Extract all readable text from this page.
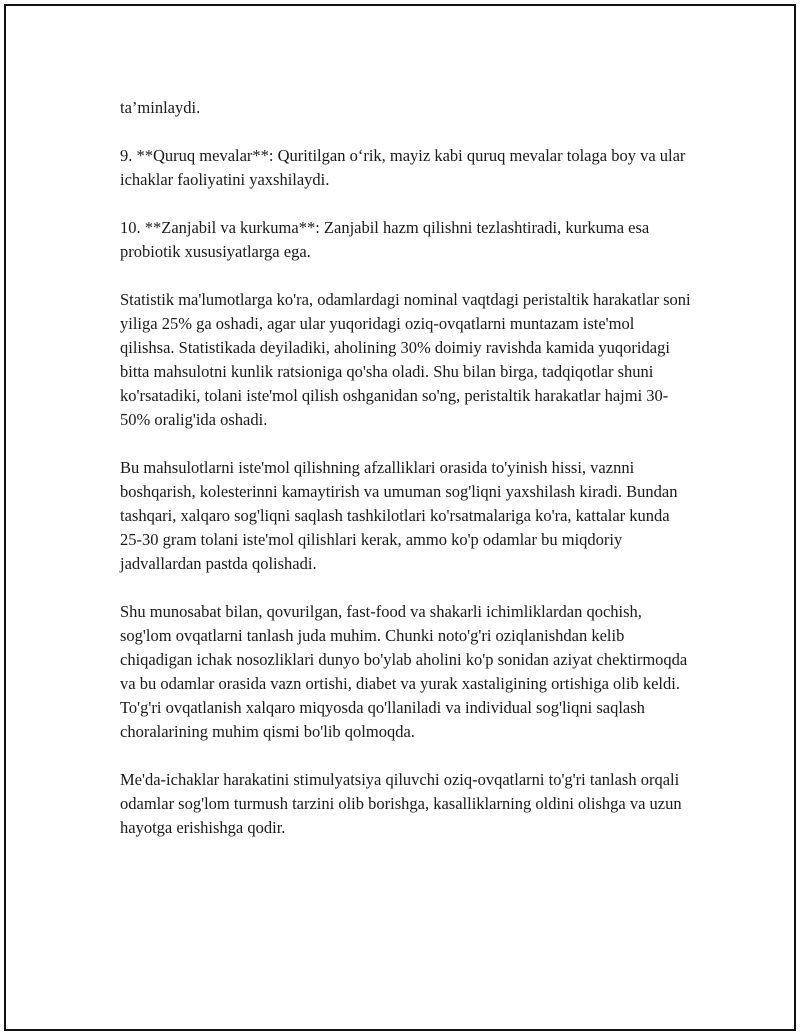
ta’minlaydi.

9. **Quruq mevalar**: Quritilgan o‘rik, mayiz kabi quruq mevalar tolaga boy va ular ichaklar faoliyatini yaxshilaydi.

10. **Zanjabil va kurkuma**: Zanjabil hazm qilishni tezlashtiradi, kurkuma esa probiotik xususiyatlarga ega.

Statistik ma'lumotlarga ko'ra, odamlardagi nominal vaqtdagi peristaltik harakatlar soni yiliga 25% ga oshadi, agar ular yuqoridagi oziq-ovqatlarni muntazam iste'mol qilishsa. Statistikada deyiladiki, aholining 30% doimiy ravishda kamida yuqoridagi bitta mahsulotni kunlik ratsioniga qo'sha oladi. Shu bilan birga, tadqiqotlar shuni ko'rsatadiki, tolani iste'mol qilish oshganidan so'ng, peristaltik harakatlar hajmi 30-50% oralig'ida oshadi.

Bu mahsulotlarni iste'mol qilishning afzalliklari orasida to'yinish hissi, vaznni boshqarish, kolesterinni kamaytirish va umuman sog'liqni yaxshilash kiradi. Bundan tashqari, xalqaro sog'liqni saqlash tashkilotlari ko'rsatmalariga ko'ra, kattalar kunda 25-30 gram tolani iste'mol qilishlari kerak, ammo ko'p odamlar bu miqdoriy jadvallardan pastda qolishadi.

Shu munosabat bilan, qovurilgan, fast-food va shakarli ichimliklardan qochish, sog'lom ovqatlarni tanlash juda muhim. Chunki noto'g'ri oziqlanishdan kelib chiqadigan ichak nosozliklari dunyo bo'ylab aholini ko'p sonidan aziyat chektirmoqda va bu odamlar orasida vazn ortishi, diabet va yurak xastaligining ortishiga olib keldi. To'g'ri ovqatlanish xalqaro miqyosda qo'llaniladi va individual sog'liqni saqlash choralarining muhim qismi bo'lib qolmoqda.

Me'da-ichaklar harakatini stimulyatsiya qiluvchi oziq-ovqatlarni to'g'ri tanlash orqali odamlar sog'lom turmush tarzini olib borishga, kasalliklarning oldini olishga va uzun hayotga erishishga qodir.
